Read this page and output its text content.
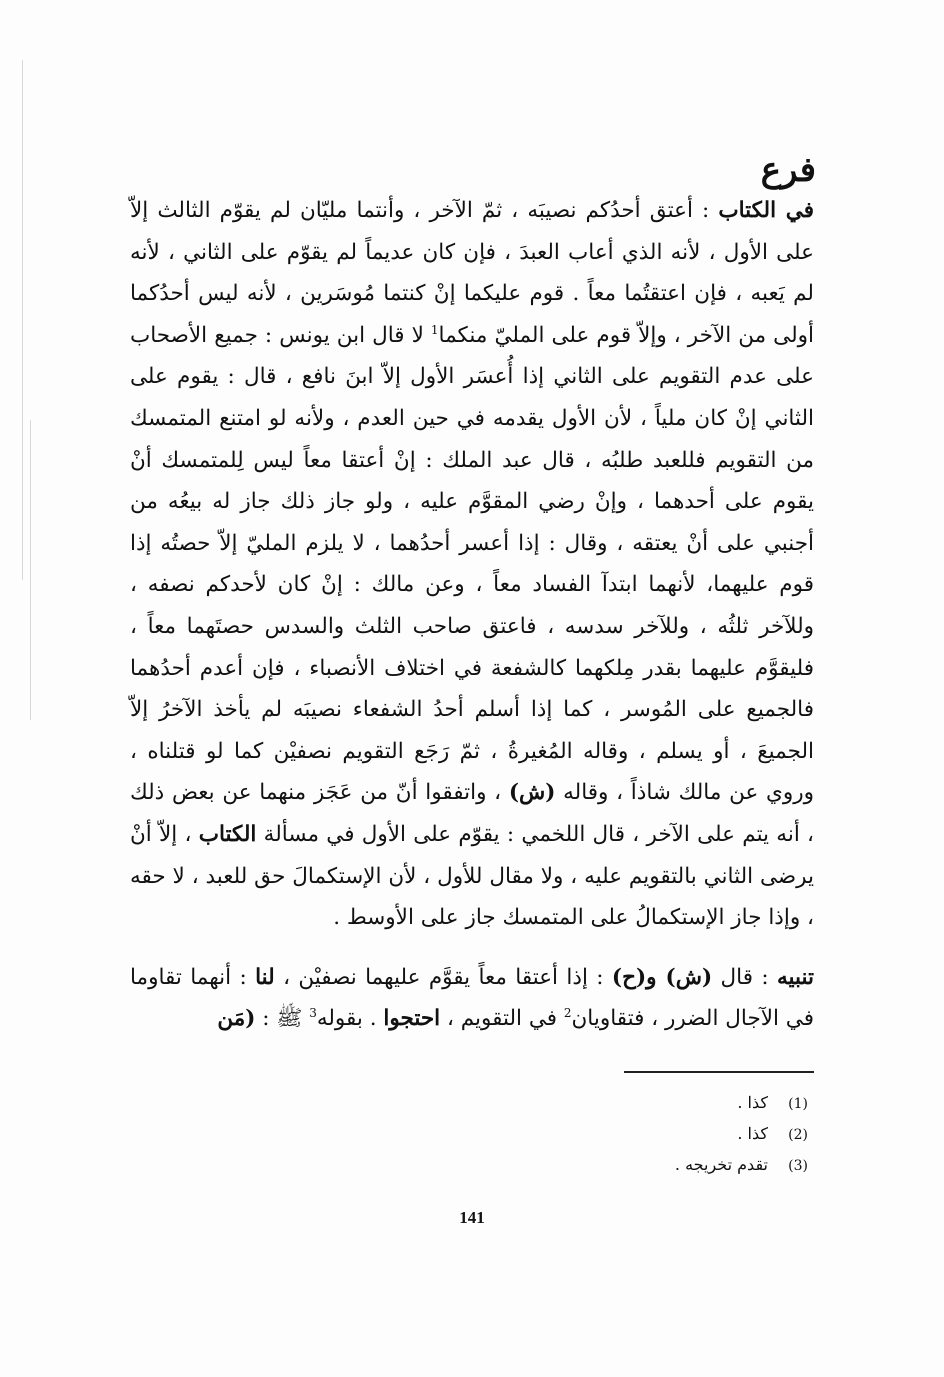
فرع

في الكتاب : أعتق أحدُكم نصيبَه ، ثمّ الآخر ، وأنتما مليّان لم يقوّم الثالث إلاّ على الأول ، لأنه الذي أعاب العبدَ ، فإن كان عديماً لم يقوّم على الثاني ، لأنه لم يَعبه ، فإن اعتقتُما معاً . قوم عليكما إنْ كنتما مُوسَرين ، لأنه ليس أحدُكما أولى من الآخر ، وإلاّ قوم على المليّ منكما$^1$ لا قال ابن يونس : جميع الأصحاب على عدم التقويم على الثاني إذا أُعسَر الأول إلاّ ابنَ نافع ، قال : يقوم على الثاني إنْ كان ملياً ، لأن الأول يقدمه في حين العدم ، ولأنه لو امتنع المتمسك من التقويم فللعبد طلبُه ، قال عبد الملك : إنْ أعتقا معاً ليس لِلمتمسك أنْ يقوم على أحدهما ، وإنْ رضي المقوَّم عليه ، ولو جاز ذلك جاز له بيعُه من أجنبي على أنْ يعتقه ، وقال : إذا أعسر أحدُهما ، لا يلزم المليّ إلاّ حصتُه إذا قوم عليهما، لأنهما ابتدآ الفساد معاً ، وعن مالك : إنْ كان لأحدكم نصفه ، وللآخر ثلثُه ، وللآخر سدسه ، فاعتق صاحب الثلث والسدس حصتَهما معاً ، فليقوَّم عليهما بقدر مِلكهما كالشفعة في اختلاف الأنصباء ، فإن أعدم أحدُهما فالجميع على المُوسر ، كما إذا أسلم أحدُ الشفعاء نصيبَه لم يأخذ الآخرُ إلاّ الجميعَ ، أو يسلم ، وقاله المُغيرةُ ، ثمّ رَجَع التقويم نصفيْن كما لو قتلناه ، وروي عن مالك شاذاً ، وقاله (ش) ، واتفقوا أنّ من عَجَز منهما عن بعض ذلك ، أنه يتم على الآخر ، قال اللخمي : يقوّم على الأول في مسألة الكتاب ، إلاّ أنْ يرضى الثاني بالتقويم عليه ، ولا مقال للأول ، لأن الإستكمالَ حق للعبد ، لا حقه ، وإذا جاز الإستكمالُ على المتمسك جاز على الأوسط .

تنبيه : قال (ش) و(ح) : إذا أعتقا معاً يقوَّم عليهما نصفيْن ، لنا : أنهما تقاوما في الآجال الضرر ، فتقاويان$^2$ في التقويم ، احتجوا . بقوله$^3$ ﷺ : (مَن

(1)كذا .
(2)كذا .
(3)تقدم تخريجه .
141
